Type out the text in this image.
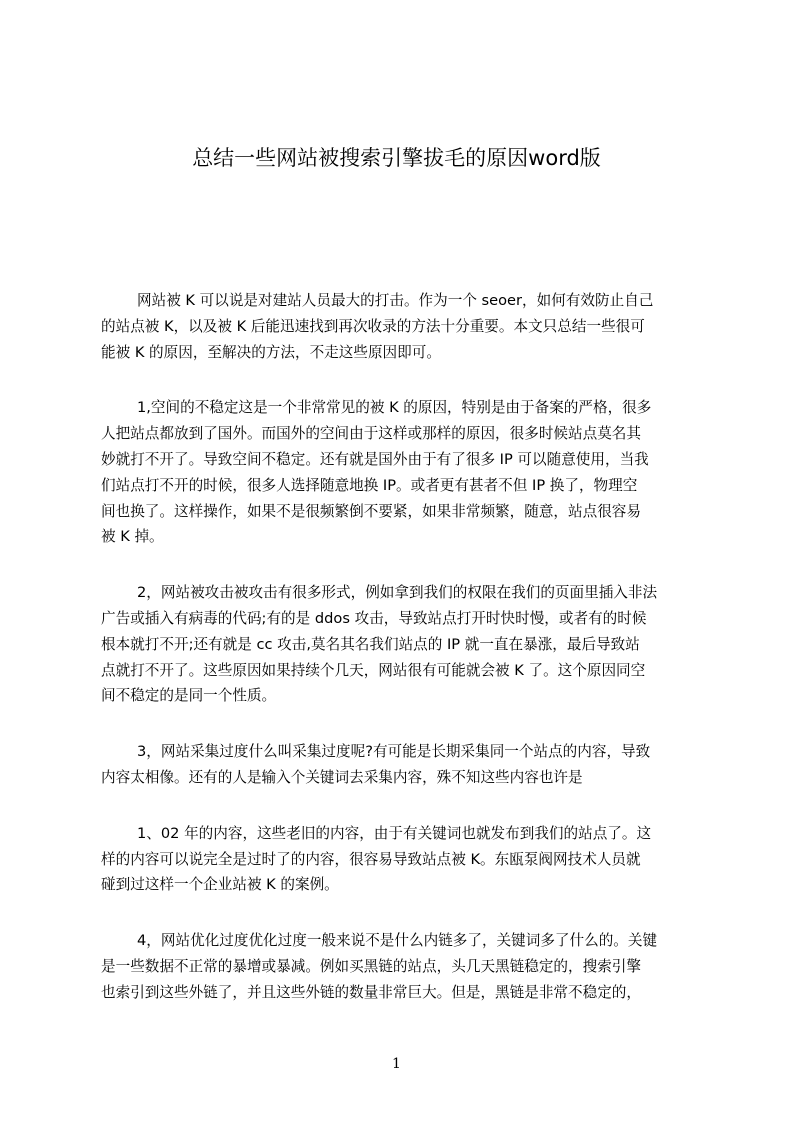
总结一些网站被搜索引擎拔毛的原因word版
网站被 K 可以说是对建站人员最大的打击。作为一个 seoer，如何有效防止自己
的站点被 K，以及被 K 后能迅速找到再次收录的方法十分重要。本文只总结一些很可
能被 K 的原因，至解决的方法，不走这些原因即可。
1,空间的不稳定这是一个非常常见的被 K 的原因，特别是由于备案的严格，很多
人把站点都放到了国外。而国外的空间由于这样或那样的原因，很多时候站点莫名其
妙就打不开了。导致空间不稳定。还有就是国外由于有了很多 IP 可以随意使用，当我
们站点打不开的时候，很多人选择随意地换 IP。或者更有甚者不但 IP 换了，物理空
间也换了。这样操作，如果不是很频繁倒不要紧，如果非常频繁，随意，站点很容易
被 K 掉。
2，网站被攻击被攻击有很多形式，例如拿到我们的权限在我们的页面里插入非法
广告或插入有病毒的代码;有的是 ddos 攻击，导致站点打开时快时慢，或者有的时候
根本就打不开;还有就是 cc 攻击,莫名其名我们站点的 IP 就一直在暴涨，最后导致站
点就打不开了。这些原因如果持续个几天，网站很有可能就会被 K 了。这个原因同空
间不稳定的是同一个性质。
3，网站采集过度什么叫采集过度呢?有可能是长期采集同一个站点的内容，导致
内容太相像。还有的人是输入个关键词去采集内容，殊不知这些内容也许是
1、02 年的内容，这些老旧的内容，由于有关键词也就发布到我们的站点了。这
样的内容可以说完全是过时了的内容，很容易导致站点被 K。东瓯泵阀网技术人员就
碰到过这样一个企业站被 K 的案例。
4，网站优化过度优化过度一般来说不是什么内链多了，关键词多了什么的。关键
是一些数据不正常的暴增或暴减。例如买黑链的站点，头几天黑链稳定的，搜索引擎
也索引到这些外链了，并且这些外链的数量非常巨大。但是，黑链是非常不稳定的，
1
